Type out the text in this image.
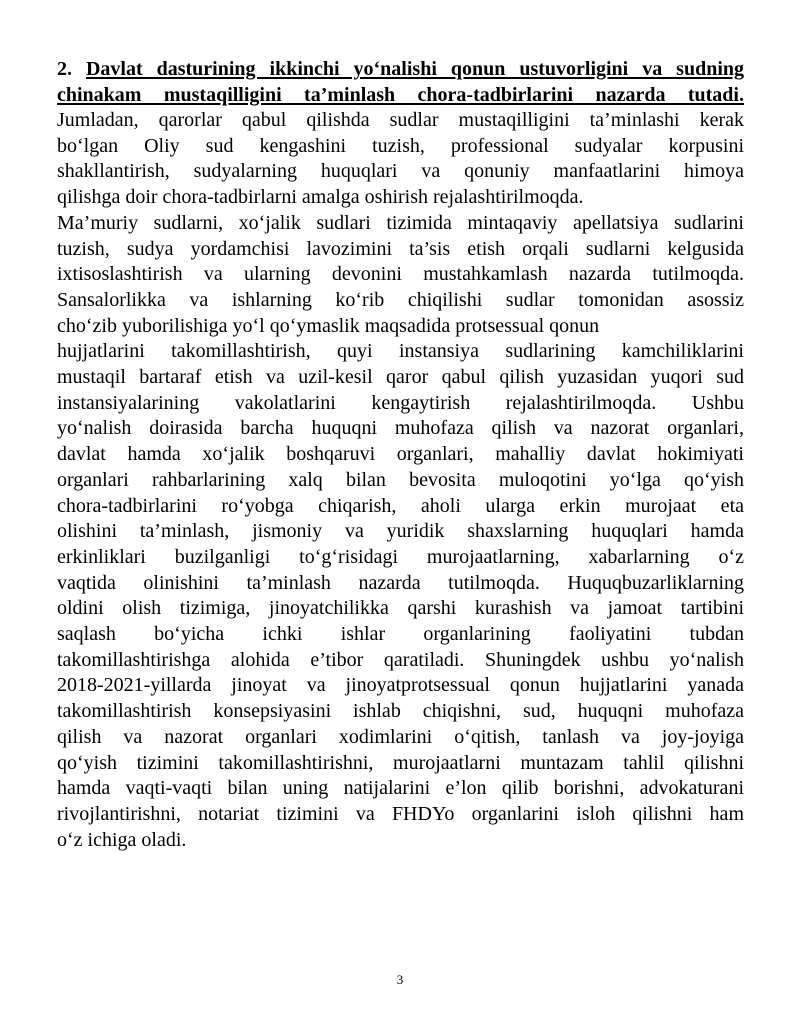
2. Davlat dasturining ikkinchi yo‘nalishi qonun ustuvorligini va sudning
chinakam mustaqilligini ta’minlash chora-tadbirlarini nazarda tutadi.
Jumladan, qarorlar qabul qilishda sudlar mustaqilligini ta’minlashi kerak
bo‘lgan Oliy sud kengashini tuzish, professional sudyalar korpusini
shakllantirish, sudyalarning huquqlari va qonuniy manfaatlarini himoya
qilishga doir chora-tadbirlarni amalga oshirish rejalashtirilmoqda.
Ma’muriy sudlarni, xo‘jalik sudlari tizimida mintaqaviy apellatsiya sudlarini
tuzish, sudya yordamchisi lavozimini ta’sis etish orqali sudlarni kelgusida
ixtisoslashtirish va ularning devonini mustahkamlash nazarda tutilmoqda.
Sansalorlikka va ishlarning ko‘rib chiqilishi sudlar tomonidan asossiz
cho‘zib yuborilishiga yo‘l qo‘ymaslik maqsadida protsessual qonun
hujjatlarini takomillashtirish, quyi instansiya sudlarining kamchiliklarini
mustaqil bartaraf etish va uzil-kesil qaror qabul qilish yuzasidan yuqori sud
instansiyalarining vakolatlarini kengaytirish rejalashtirilmoqda. Ushbu
yo‘nalish doirasida barcha huquqni muhofaza qilish va nazorat organlari,
davlat hamda xo‘jalik boshqaruvi organlari, mahalliy davlat hokimiyati
organlari rahbarlarining xalq bilan bevosita muloqotini yo‘lga qo‘yish
chora-tadbirlarini ro‘yobga chiqarish, aholi ularga erkin murojaat eta
olishini ta’minlash, jismoniy va yuridik shaxslarning huquqlari hamda
erkinliklari buzilganligi to‘g‘risidagi murojaatlarning, xabarlarning o‘z
vaqtida olinishini ta’minlash nazarda tutilmoqda. Huquqbuzarliklarning
oldini olish tizimiga, jinoyatchilikka qarshi kurashish va jamoat tartibini
saqlash bo‘yicha ichki ishlar organlarining faoliyatini tubdan
takomillashtirishga alohida e’tibor qaratiladi. Shuningdek ushbu yo‘nalish
2018-2021-yillarda jinoyat va jinoyatprotsessual qonun hujjatlarini yanada
takomillashtirish konsepsiyasini ishlab chiqishni, sud, huquqni muhofaza
qilish va nazorat organlari xodimlarini o‘qitish, tanlash va joy-joyiga
qo‘yish tizimini takomillashtirishni, murojaatlarni muntazam tahlil qilishni
hamda vaqti-vaqti bilan uning natijalarini e’lon qilib borishni, advokaturani
rivojlantirishni, notariat tizimini va FHDYo organlarini isloh qilishni ham
o‘z ichiga oladi.
3
